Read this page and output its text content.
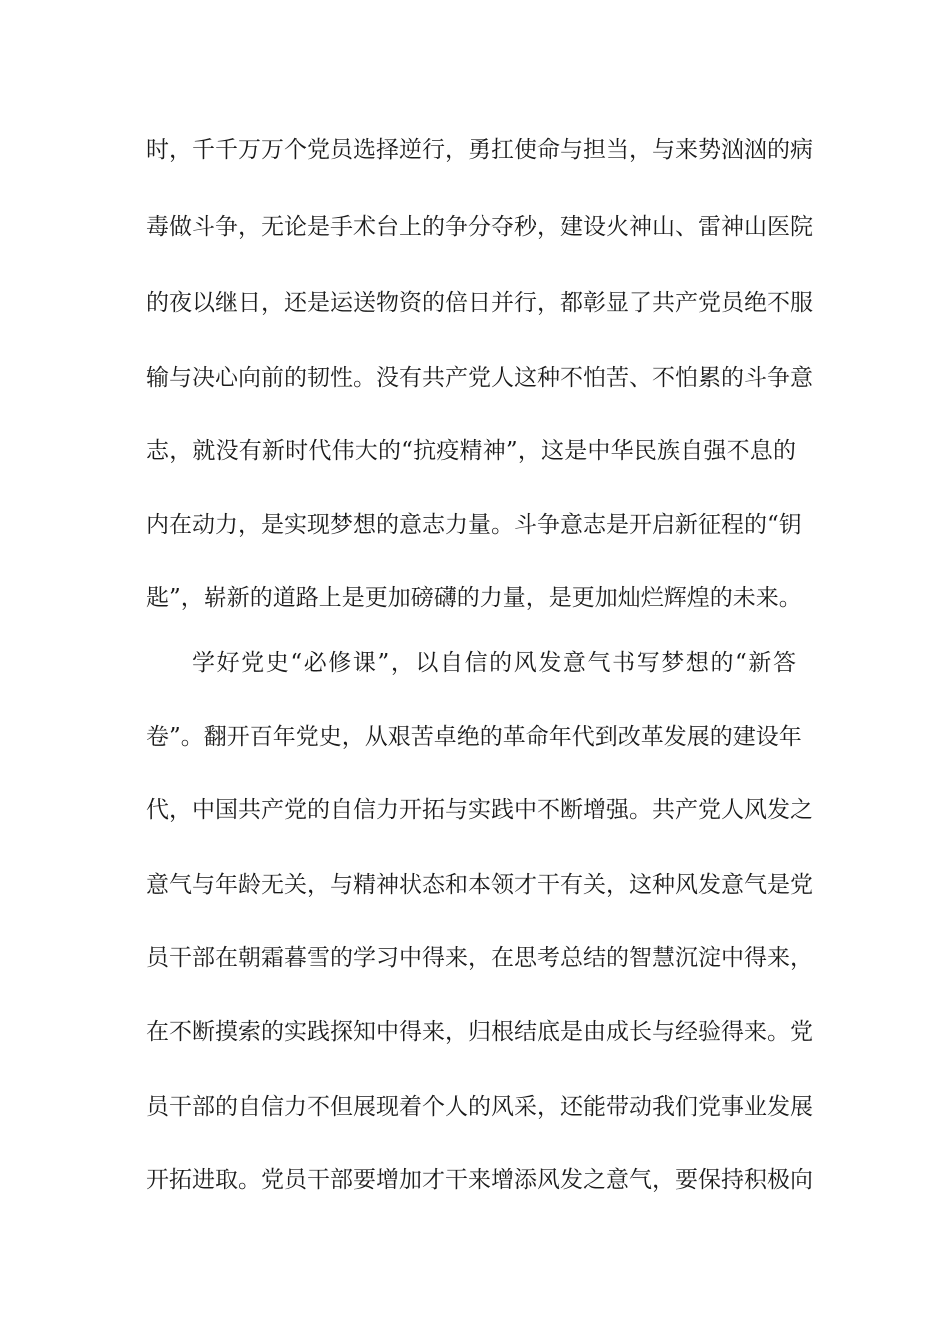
时，千千万万个党员选择逆行，勇扛使命与担当，与来势汹汹的病
毒做斗争，无论是手术台上的争分夺秒，建设火神山、雷神山医院
的夜以继日，还是运送物资的倍日并行，都彰显了共产党员绝不服
输与决心向前的韧性。没有共产党人这种不怕苦、不怕累的斗争意
志，就没有新时代伟大的“抗疫精神”，这是中华民族自强不息的
内在动力，是实现梦想的意志力量。斗争意志是开启新征程的“钥
匙”，崭新的道路上是更加磅礴的力量，是更加灿烂辉煌的未来。
学好党史“必修课”，以自信的风发意气书写梦想的“新答
卷”。翻开百年党史，从艰苦卓绝的革命年代到改革发展的建设年
代，中国共产党的自信力开拓与实践中不断增强。共产党人风发之
意气与年龄无关，与精神状态和本领才干有关，这种风发意气是党
员干部在朝霜暮雪的学习中得来，在思考总结的智慧沉淀中得来，
在不断摸索的实践探知中得来，归根结底是由成长与经验得来。党
员干部的自信力不但展现着个人的风采，还能带动我们党事业发展
开拓进取。党员干部要增加才干来增添风发之意气，要保持积极向
